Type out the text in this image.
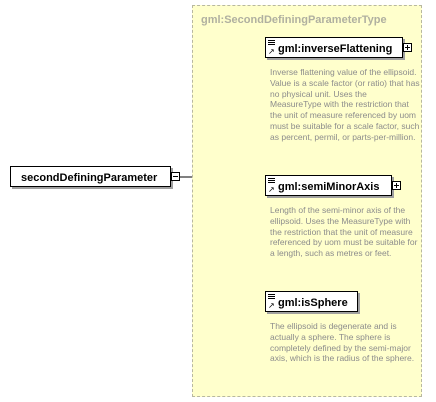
secondDefiningParameter
gml:SecondDefiningParameterType
↗ gml:inverseFlattening
Inverse flattening value of the ellipsoid. Value is a scale factor (or ratio) that has no physical unit. Uses the MeasureType with the restriction that the unit of measure referenced by uom must be suitable for a scale factor, such as percent, permil, or parts-per-million.
↗ gml:semiMinorAxis
Length of the semi-minor axis of the ellipsoid. Uses the MeasureType with the restriction that the unit of measure referenced by uom must be suitable for a length, such as metres or feet.
↗ gml:isSphere
The ellipsoid is degenerate and is actually a sphere. The sphere is completely defined by the semi-major axis, which is the radius of the sphere.
